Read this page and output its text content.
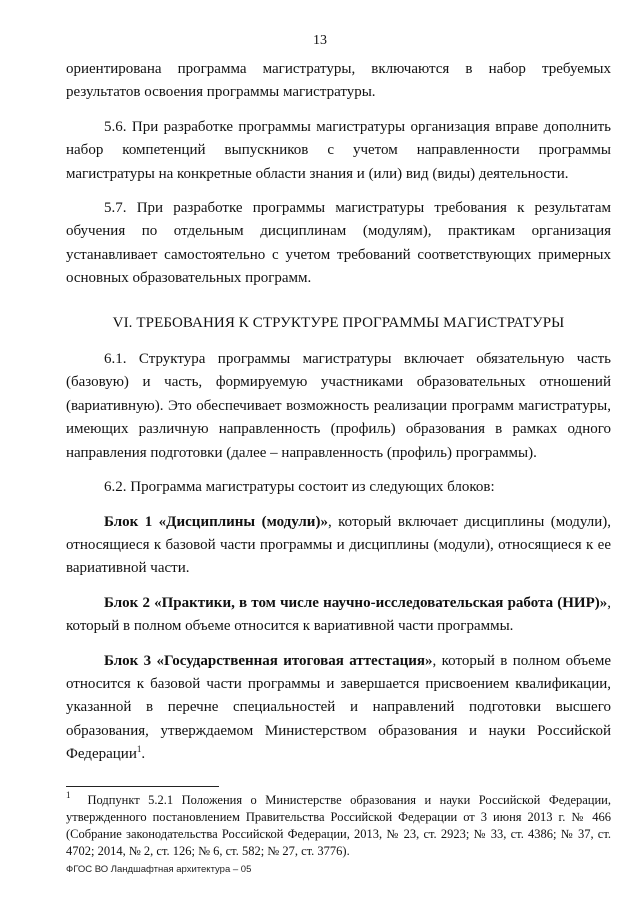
13

ориентирована программа магистратуры, включаются в набор требуемых результатов освоения программы магистратуры.

5.6. При разработке программы магистратуры организация вправе дополнить набор компетенций выпускников с учетом направленности программы магистратуры на конкретные области знания и (или) вид (виды) деятельности.

5.7. При разработке программы магистратуры требования к результатам обучения по отдельным дисциплинам (модулям), практикам организация устанавливает самостоятельно с учетом требований соответствующих примерных основных образовательных программ.

VI. ТРЕБОВАНИЯ К СТРУКТУРЕ ПРОГРАММЫ МАГИСТРАТУРЫ

6.1. Структура программы магистратуры включает обязательную часть (базовую) и часть, формируемую участниками образовательных отношений (вариативную). Это обеспечивает возможность реализации программ магистратуры, имеющих различную направленность (профиль) образования в рамках одного направления подготовки (далее – направленность (профиль) программы).

6.2. Программа магистратуры состоит из следующих блоков:

Блок 1 «Дисциплины (модули)», который включает дисциплины (модули), относящиеся к базовой части программы и дисциплины (модули), относящиеся к ее вариативной части.

Блок 2 «Практики, в том числе научно-исследовательская работа (НИР)», который в полном объеме относится к вариативной части программы.

Блок 3 «Государственная итоговая аттестация», который в полном объеме относится к базовой части программы и завершается присвоением квалификации, указанной в перечне специальностей и направлений подготовки высшего образования, утверждаемом Министерством образования и науки Российской Федерации$^1$.

$^1$ Подпункт 5.2.1 Положения о Министерстве образования и науки Российской Федерации, утвержденного постановлением Правительства Российской Федерации от 3 июня 2013 г. № 466 (Собрание законодательства Российской Федерации, 2013, № 23, ст. 2923; № 33, ст. 4386; № 37, ст. 4702; 2014, № 2, ст. 126; № 6, ст. 582; № 27, ст. 3776).

ФГОС ВО Ландшафтная архитектура – 05
